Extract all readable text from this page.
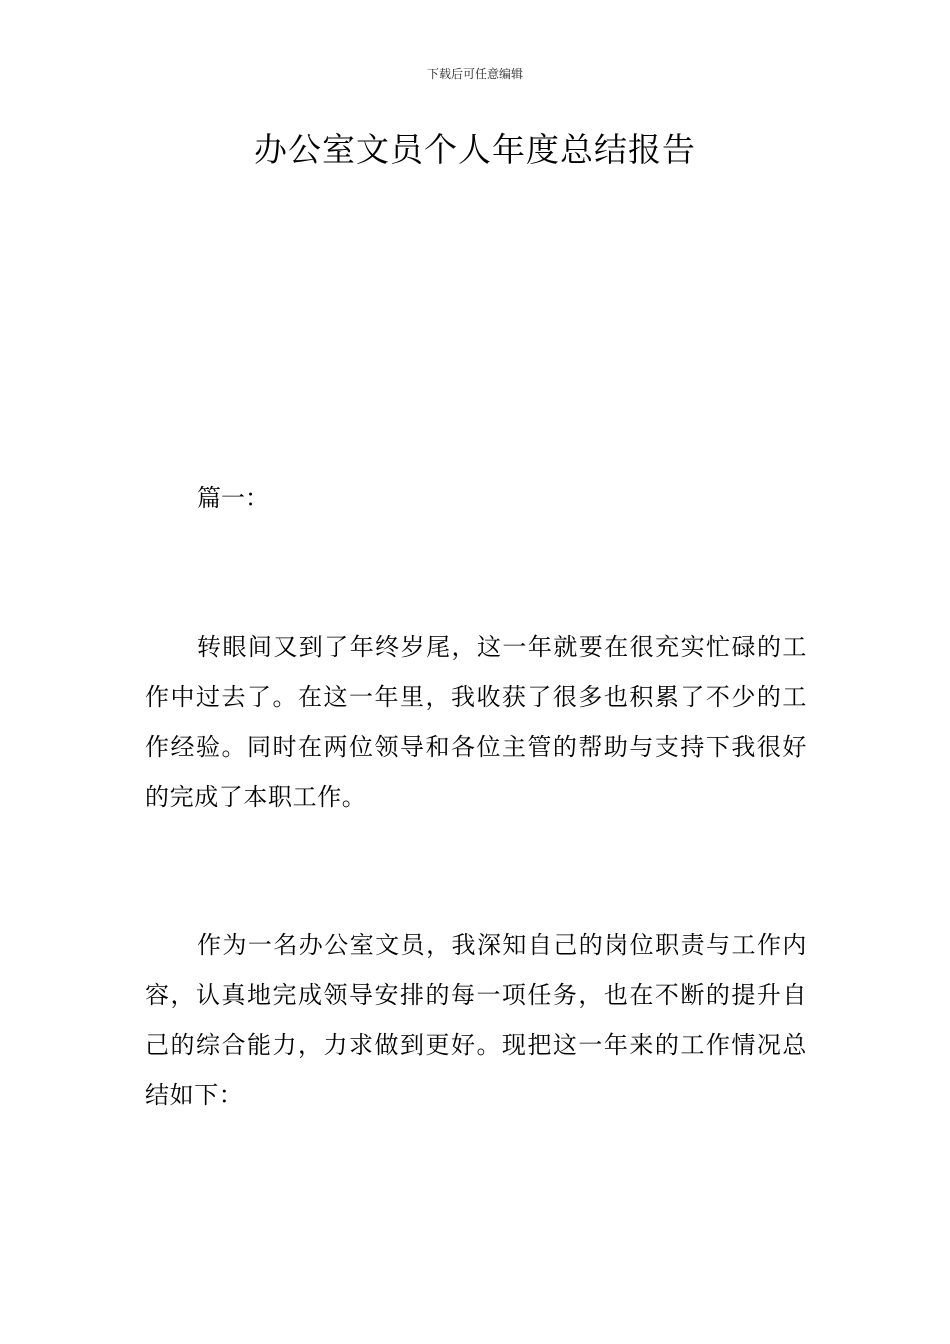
下载后可任意编辑
办公室文员个人年度总结报告
篇一：

转眼间又到了年终岁尾，这一年就要在很充实忙碌的工作中过去了。在这一年里，我收获了很多也积累了不少的工作经验。同时在两位领导和各位主管的帮助与支持下我很好的完成了本职工作。

作为一名办公室文员，我深知自己的岗位职责与工作内容，认真地完成领导安排的每一项任务，也在不断的提升自己的综合能力，力求做到更好。现把这一年来的工作情况总结如下：
